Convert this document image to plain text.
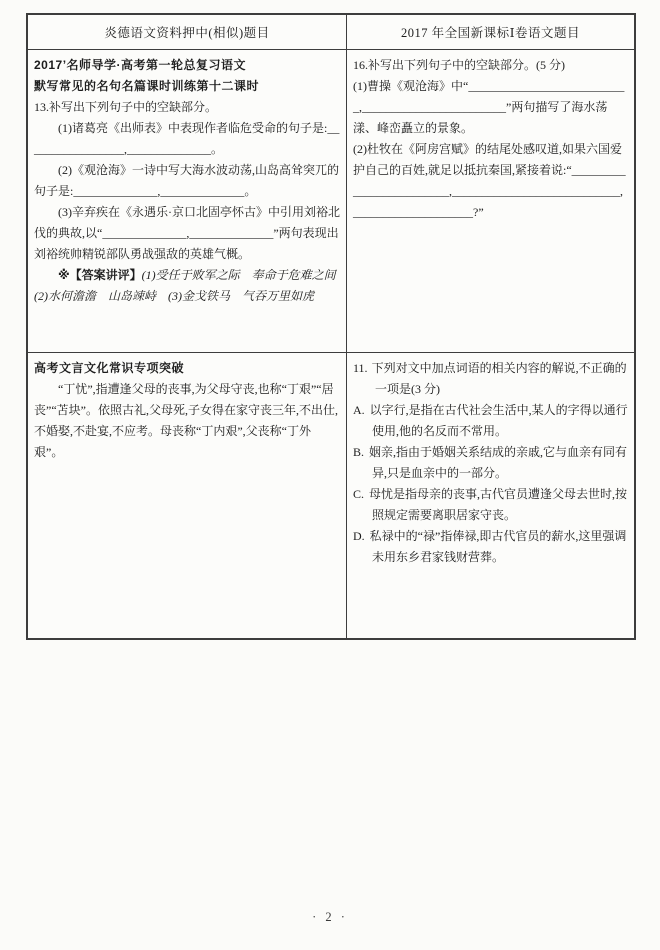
炎德语文资料押中(相似)题目	2017 年全国新课标Ⅰ卷语文题目

2017’名师导学·高考第一轮总复习语文

默写常见的名句名篇课时训练第十二课时

13.补写出下列句子中的空缺部分。

(1)诸葛亮《出师表》中表现作者临危受命的句子是:_________________,______________。

(2)《观沧海》一诗中写大海水波动荡,山岛高耸突兀的句子是:______________,______________。

(3)辛弃疾在《永遇乐·京口北固亭怀古》中引用刘裕北伐的典故,以“______________,______________”两句表现出刘裕统帅精锐部队勇战强敌的英雄气概。

※【答案讲评】(1)受任于败军之际　奉命于危难之间 (2)水何澹澹　山岛竦峙　(3)金戈铁马　气吞万里如虎

16.补写出下列句子中的空缺部分。(5 分)

(1)曹操《观沧海》中“___________________________,________________________”两句描写了海水荡漾、峰峦矗立的景象。

(2)杜牧在《阿房宫赋》的结尾处感叹道,如果六国爱护自己的百姓,就足以抵抗秦国,紧接着说:“_________________________,____________________________,____________________?”

高考文言文化常识专项突破

“丁忧”,指遭逢父母的丧事,为父母守丧,也称“丁艰”“居丧”“苫块”。依照古礼,父母死,子女得在家守丧三年,不出仕,不婚娶,不赴宴,不应考。母丧称“丁内艰”,父丧称“丁外艰”。

11. 下列对文中加点词语的相关内容的解说,不正确的一项是(3 分)

A. 以字行,是指在古代社会生活中,某人的字得以通行使用,他的名反而不常用。

B. 姻亲,指由于婚姻关系结成的亲戚,它与血亲有同有异,只是血亲中的一部分。

C. 母忧是指母亲的丧事,古代官员遭逢父母去世时,按照规定需要离职居家守丧。

D. 私禄中的“禄”指俸禄,即古代官员的薪水,这里强调未用东乡君家钱财营葬。

· 2 ·
